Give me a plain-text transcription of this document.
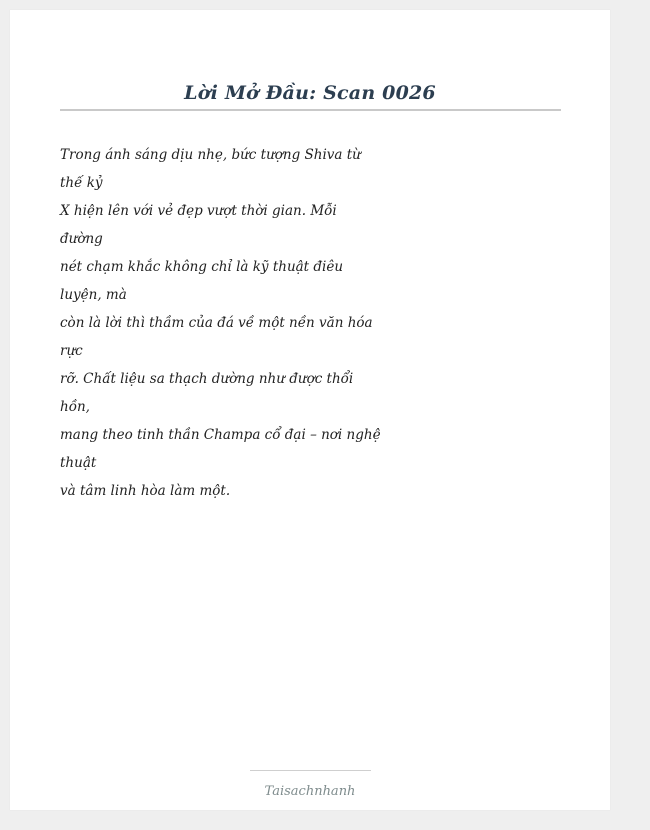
Lời Mở Đầu: Scan 0026
Trong ánh sáng dịu nhẹ, bức tượng Shiva từ
thế kỷ
X hiện lên với vẻ đẹp vượt thời gian. Mỗi
đường
nét chạm khắc không chỉ là kỹ thuật điêu
luyện, mà
còn là lời thì thầm của đá về một nền văn hóa
rực
rỡ. Chất liệu sa thạch dường như được thổi
hồn,
mang theo tinh thần Champa cổ đại – nơi nghệ
thuật
và tâm linh hòa làm một.
Taisachnhanh
